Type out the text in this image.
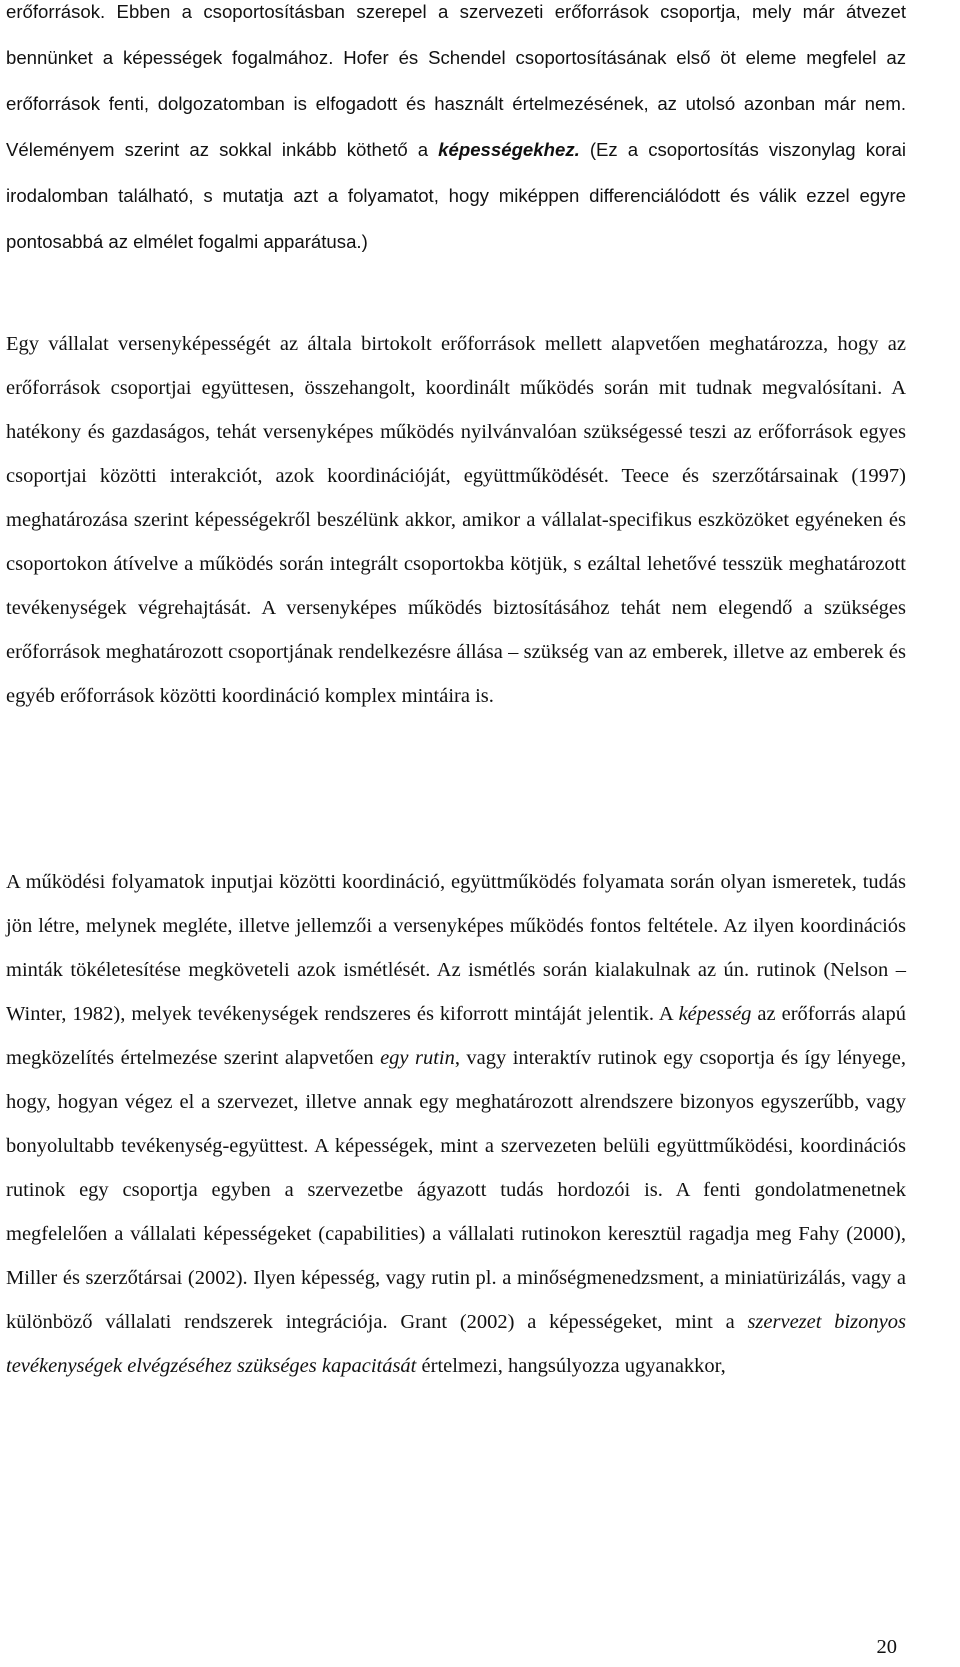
erőforrások. Ebben a csoportosításban szerepel a szervezeti erőforrások csoportja, mely már átvezet bennünket a képességek fogalmához. Hofer és Schendel csoportosításának első öt eleme megfelel az erőforrások fenti, dolgozatomban is elfogadott és használt értelmezésének, az utolsó azonban már nem. Véleményem szerint az sokkal inkább köthető a képességekhez. (Ez a csoportosítás viszonylag korai irodalomban található, s mutatja azt a folyamatot, hogy miképpen differenciálódott és válik ezzel egyre pontosabbá az elmélet fogalmi apparátusa.)

Egy vállalat versenyképességét az általa birtokolt erőforrások mellett alapvetően meghatározza, hogy az erőforrások csoportjai együttesen, összehangolt, koordinált működés során mit tudnak megvalósítani. A hatékony és gazdaságos, tehát versenyképes működés nyilvánvalóan szükségessé teszi az erőforrások egyes csoportjai közötti interakciót, azok koordinációját, együttműködését. Teece és szerzőtársainak (1997) meghatározása szerint képességekről beszélünk akkor, amikor a vállalat-specifikus eszközöket egyéneken és csoportokon átívelve a működés során integrált csoportokba kötjük, s ezáltal lehetővé tesszük meghatározott tevékenységek végrehajtását. A versenyképes működés biztosításához tehát nem elegendő a szükséges erőforrások meghatározott csoportjának rendelkezésre állása – szükség van az emberek, illetve az emberek és egyéb erőforrások közötti koordináció komplex mintáira is.

A működési folyamatok inputjai közötti koordináció, együttműködés folyamata során olyan ismeretek, tudás jön létre, melynek megléte, illetve jellemzői a versenyképes működés fontos feltétele. Az ilyen koordinációs minták tökéletesítése megköveteli azok ismétlését. Az ismétlés során kialakulnak az ún. rutinok (Nelson – Winter, 1982), melyek tevékenységek rendszeres és kiforrott mintáját jelentik. A képesség az erőforrás alapú megközelítés értelmezése szerint alapvetően egy rutin, vagy interaktív rutinok egy csoportja és így lényege, hogy, hogyan végez el a szervezet, illetve annak egy meghatározott alrendszere bizonyos egyszerűbb, vagy bonyolultabb tevékenység-együttest. A képességek, mint a szervezeten belüli együttműködési, koordinációs rutinok egy csoportja egyben a szervezetbe ágyazott tudás hordozói is. A fenti gondolatmenetnek megfelelően a vállalati képességeket (capabilities) a vállalati rutinokon keresztül ragadja meg Fahy (2000), Miller és szerzőtársai (2002). Ilyen képesség, vagy rutin pl. a minőségmenedzsment, a miniatürizálás, vagy a különböző vállalati rendszerek integrációja. Grant (2002) a képességeket, mint a szervezet bizonyos tevékenységek elvégzéséhez szükséges kapacitását értelmezi, hangsúlyozza ugyanakkor,

20
